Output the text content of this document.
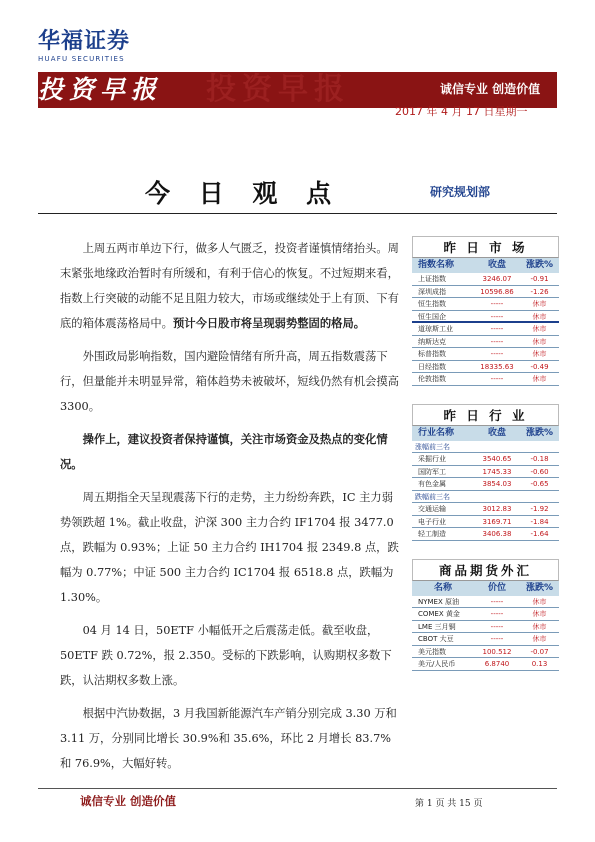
华福证券
HUAFU SECURITIES
投资早报
投资早报	诚信专业 创造价值
2017 年 4 月 17 日星期一
今 日 观 点	研究规划部

上周五两市单边下行，做多人气匮乏，投资者谨慎情绪抬头。周末紧张地缘政治暂时有所缓和，有利于信心的恢复。不过短期来看，指数上行突破的动能不足且阻力较大，市场或继续处于上有顶、下有底的箱体震荡格局中。预计今日股市将呈现弱势整固的格局。

外围政局影响指数，国内避险情绪有所升高，周五指数震荡下行，但量能并未明显异常，箱体趋势未被破坏，短线仍然有机会摸高 3300。

操作上，建议投资者保持谨慎，关注市场资金及热点的变化情况。

周五期指全天呈现震荡下行的走势，主力纷纷奔跌，IC 主力弱势领跌超 1%。截止收盘，沪深 300 主力合约 IF1704 报 3477.0 点，跌幅为 0.93%；上证 50 主力合约 IH1704 报 2349.8 点，跌幅为 0.77%；中证 500 主力合约 IC1704 报 6518.8 点，跌幅为 1.30%。

04 月 14 日，50ETF 小幅低开之后震荡走低。截至收盘，50ETF 跌 0.72%，报 2.350。受标的下跌影响，认购期权多数下跌，认沽期权多数上涨。

根据中汽协数据，3 月我国新能源汽车产销分别完成 3.30 万和 3.11 万，分别同比增长 30.9%和 35.6%，环比 2 月增长 83.7%和 76.9%，大幅好转。

昨 日 市 场
指数名称	收盘	涨跌%
上证指数	3246.07	-0.91
深圳成指	10596.86	-1.26
恒生指数	-----	休市
恒生国企	-----	休市
道琼斯工业	-----	休市
纳斯达克	-----	休市
标普指数	-----	休市
日经指数	18335.63	-0.49
伦敦指数	-----	休市
昨 日 行 业
行业名称	收盘	涨跌%
涨幅前三名
采掘行业	3540.65	-0.18
国防军工	1745.33	-0.60
有色金属	3854.03	-0.65
跌幅前三名
交通运输	3012.83	-1.92
电子行业	3169.71	-1.84
轻工制造	3406.38	-1.64
商品期货外汇
名称	价位	涨跌%
NYMEX 原油	-----	休市
COMEX 黄金	-----	休市
LME 三月铜	-----	休市
CBOT 大豆	-----	休市
美元指数	100.512	-0.07
美元/人民币	6.8740	0.13
诚信专业 创造价值	第 1 页 共 15 页
